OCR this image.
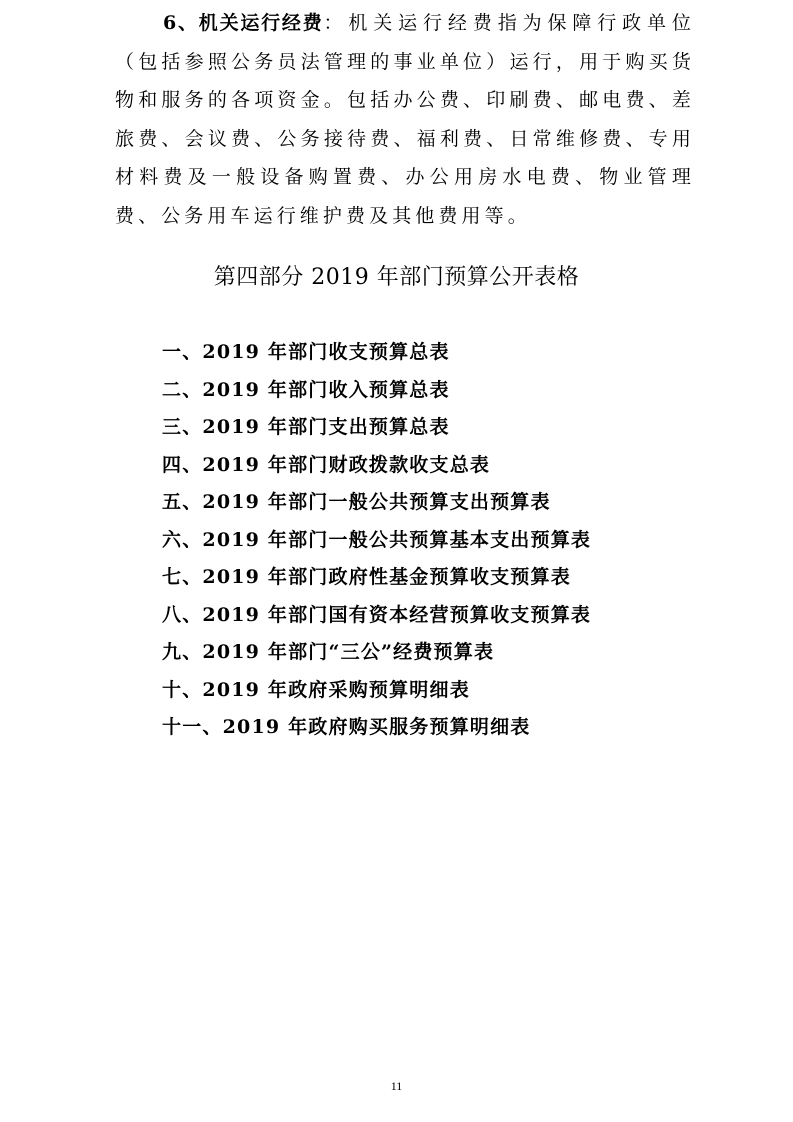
6、机关运行经费：机关运行经费指为保障行政单位（包括参照公务员法管理的事业单位）运行，用于购买货物和服务的各项资金。包括办公费、印刷费、邮电费、差旅费、会议费、公务接待费、福利费、日常维修费、专用材料费及一般设备购置费、办公用房水电费、物业管理费、公务用车运行维护费及其他费用等。

第四部分 2019 年部门预算公开表格
一、2019 年部门收支预算总表
二、2019 年部门收入预算总表
三、2019 年部门支出预算总表
四、2019 年部门财政拨款收支总表
五、2019 年部门一般公共预算支出预算表
六、2019 年部门一般公共预算基本支出预算表
七、2019 年部门政府性基金预算收支预算表
八、2019 年部门国有资本经营预算收支预算表
九、2019 年部门“三公”经费预算表
十、2019 年政府采购预算明细表
十一、2019 年政府购买服务预算明细表
11
